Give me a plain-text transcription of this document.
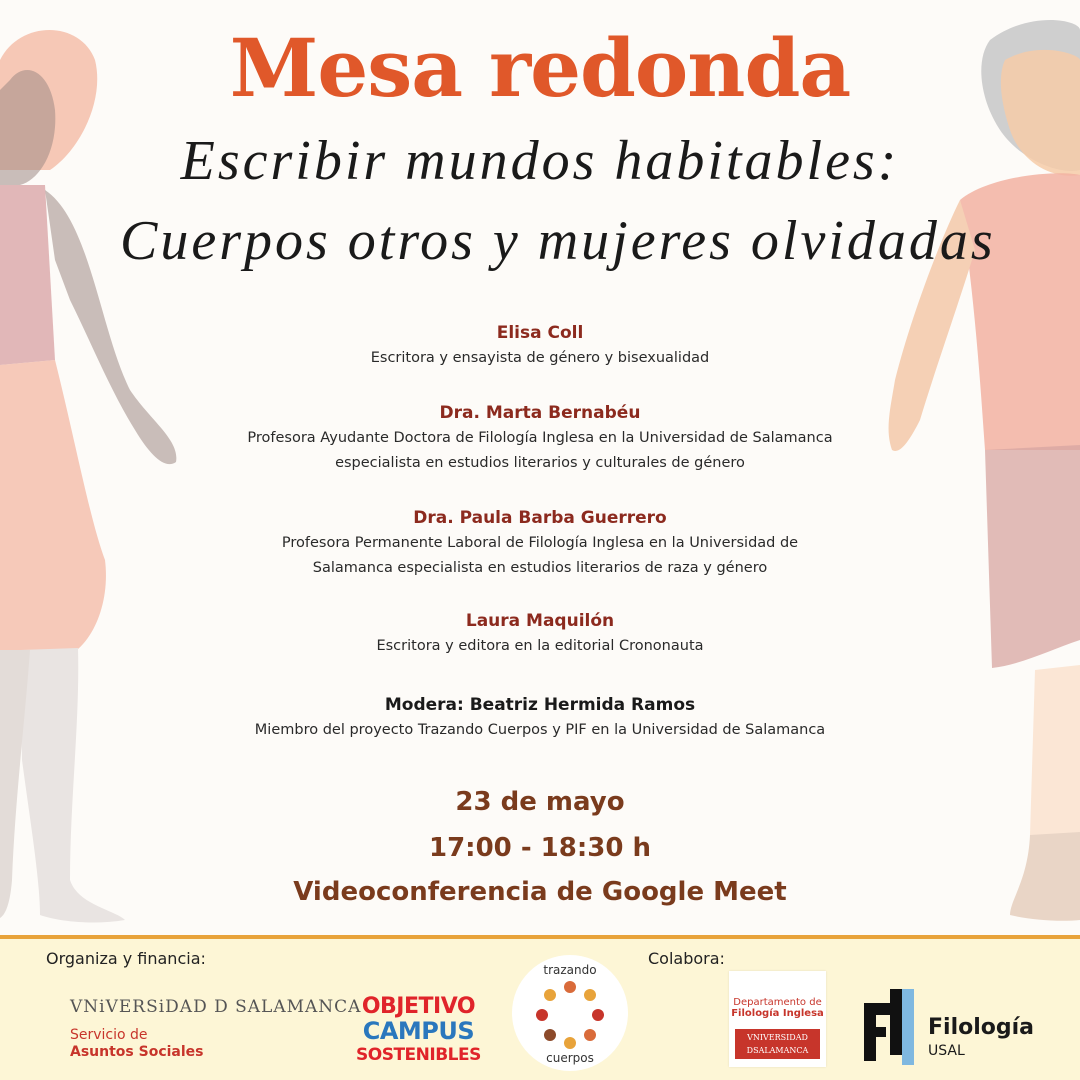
Mesa redonda
Escribir mundos habitables:
Cuerpos otros y mujeres olvidadas
Elisa Coll
Escritora y ensayista de género y bisexualidad
Dra. Marta Bernabéu
Profesora Ayudante Doctora de Filología Inglesa en la Universidad de Salamanca
especialista en estudios literarios y culturales de género
Dra. Paula Barba Guerrero
Profesora Permanente Laboral de Filología Inglesa en la Universidad de
Salamanca especialista en estudios literarios de raza y género
Laura Maquilón
Escritora y editora en la editorial Crononauta
Modera: Beatriz Hermida Ramos
Miembro del proyecto Trazando Cuerpos y PIF en la Universidad de Salamanca
23 de mayo
17:00 - 18:30 h
Videoconferencia de Google Meet
Organiza y financia:	Colabora:
VNiVERSiDAD D SALAMANCA
Servicio de
Asuntos Sociales
OBJETIVO
CAMPUS
SOSTENIBLES
trazando
cuerpos
Departamento de
Filología Inglesa
VNIVERSIDAD
DSALAMANCA
Filología
USAL
